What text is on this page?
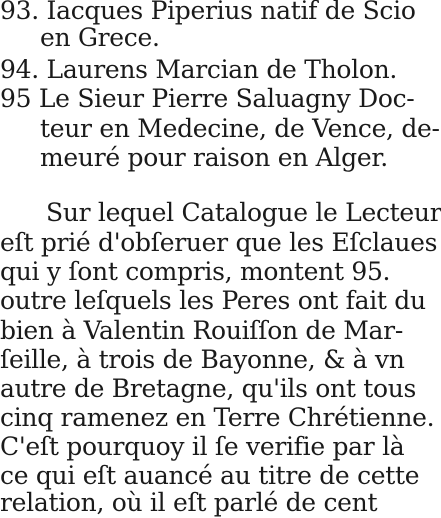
93. Iacques Piperius natif de Scio
en Grece.
94. Laurens Marcian de Tholon.
95 Le Sieur Pierre Saluagny Doc-
teur en Medecine, de Vence, de-
meuré pour raison en Alger.
Sur lequel Catalogue le Lecteur
eſt prié d'obſeruer que les Eſclaues
qui y ſont compris, montent 95.
outre leſquels les Peres ont fait du
bien à Valentin Rouiſſon de Mar-
ſeille, à trois de Bayonne, & à vn
autre de Bretagne, qu'ils ont tous
cinq ramenez en Terre Chrétienne.
C'eſt pourquoy il ſe verifie par là
ce qui eſt auancé au titre de cette
relation, où il eſt parlé de cent
